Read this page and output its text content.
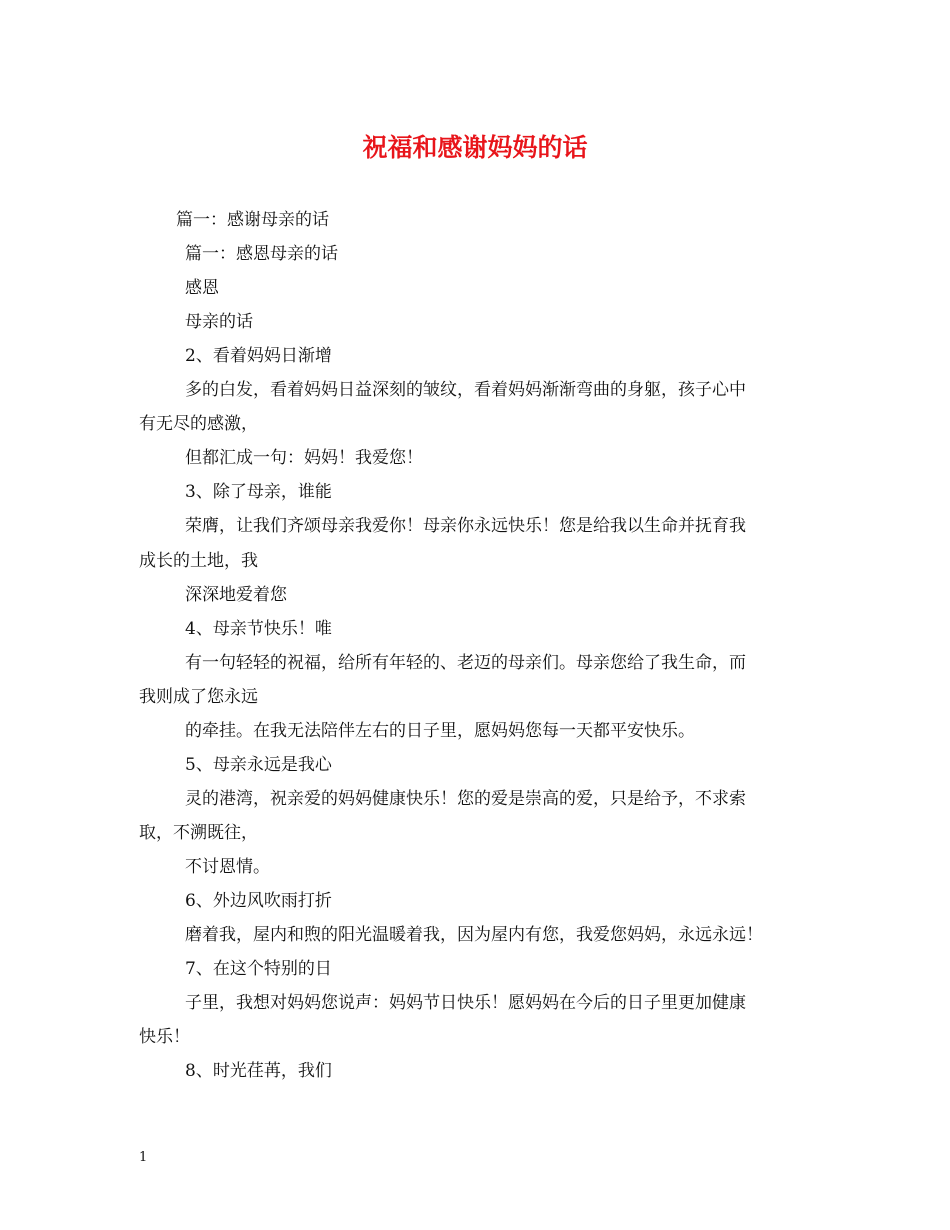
祝福和感谢妈妈的话
篇一：感谢母亲的话
篇一：感恩母亲的话
感恩
母亲的话
2、看着妈妈日渐增
多的白发，看着妈妈日益深刻的皱纹，看着妈妈渐渐弯曲的身躯，孩子心中
有无尽的感激，
但都汇成一句：妈妈！我爱您！
3、除了母亲，谁能
荣膺，让我们齐颂母亲我爱你！母亲你永远快乐！您是给我以生命并抚育我
成长的土地，我
深深地爱着您
4、母亲节快乐！唯
有一句轻轻的祝福，给所有年轻的、老迈的母亲们。母亲您给了我生命，而
我则成了您永远
的牵挂。在我无法陪伴左右的日子里，愿妈妈您每一天都平安快乐。
5、母亲永远是我心
灵的港湾，祝亲爱的妈妈健康快乐！您的爱是崇高的爱，只是给予，不求索
取，不溯既往，
不讨恩情。
6、外边风吹雨打折
磨着我，屋内和煦的阳光温暖着我，因为屋内有您，我爱您妈妈，永远永远！
7、在这个特别的日
子里，我想对妈妈您说声：妈妈节日快乐！愿妈妈在今后的日子里更加健康
快乐！
8、时光荏苒，我们
1
